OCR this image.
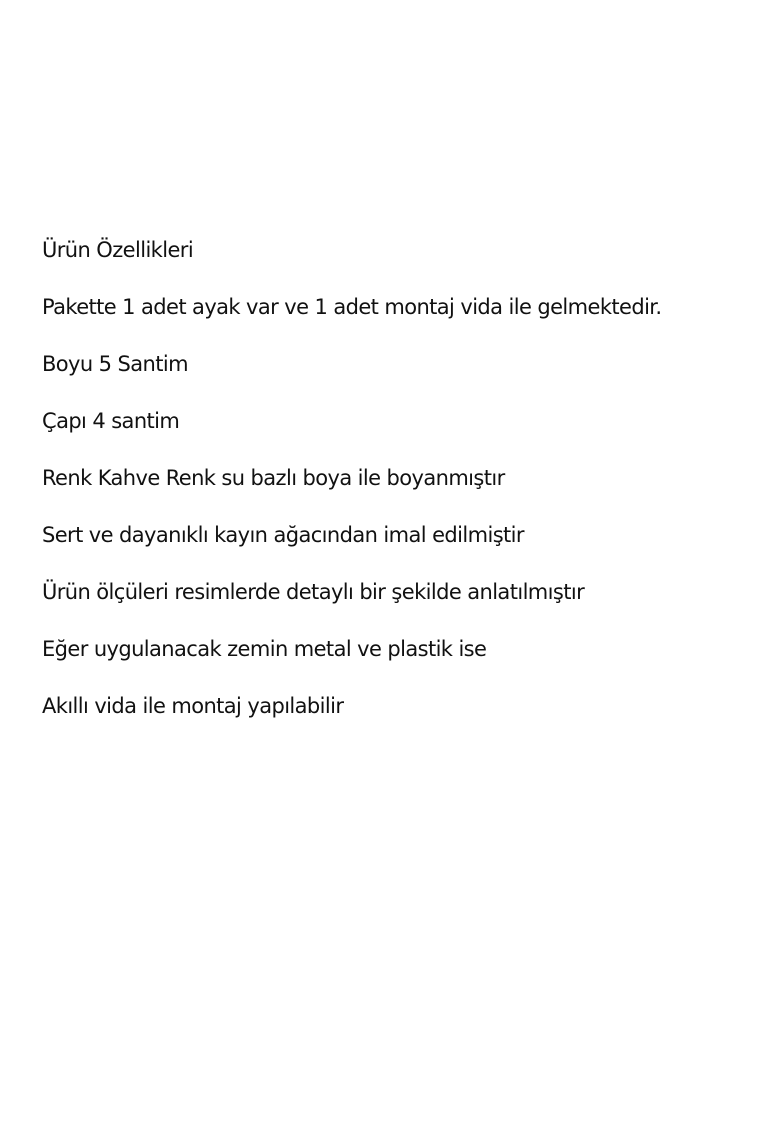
Ürün Özellikleri

Pakette 1 adet ayak var ve 1 adet montaj vida ile gelmektedir.

Boyu 5 Santim

Çapı 4 santim

Renk Kahve Renk su bazlı boya ile boyanmıştır

Sert ve dayanıklı kayın ağacından imal edilmiştir

Ürün ölçüleri resimlerde detaylı bir şekilde anlatılmıştır

Eğer uygulanacak zemin metal ve plastik ise

Akıllı vida ile montaj yapılabilir
